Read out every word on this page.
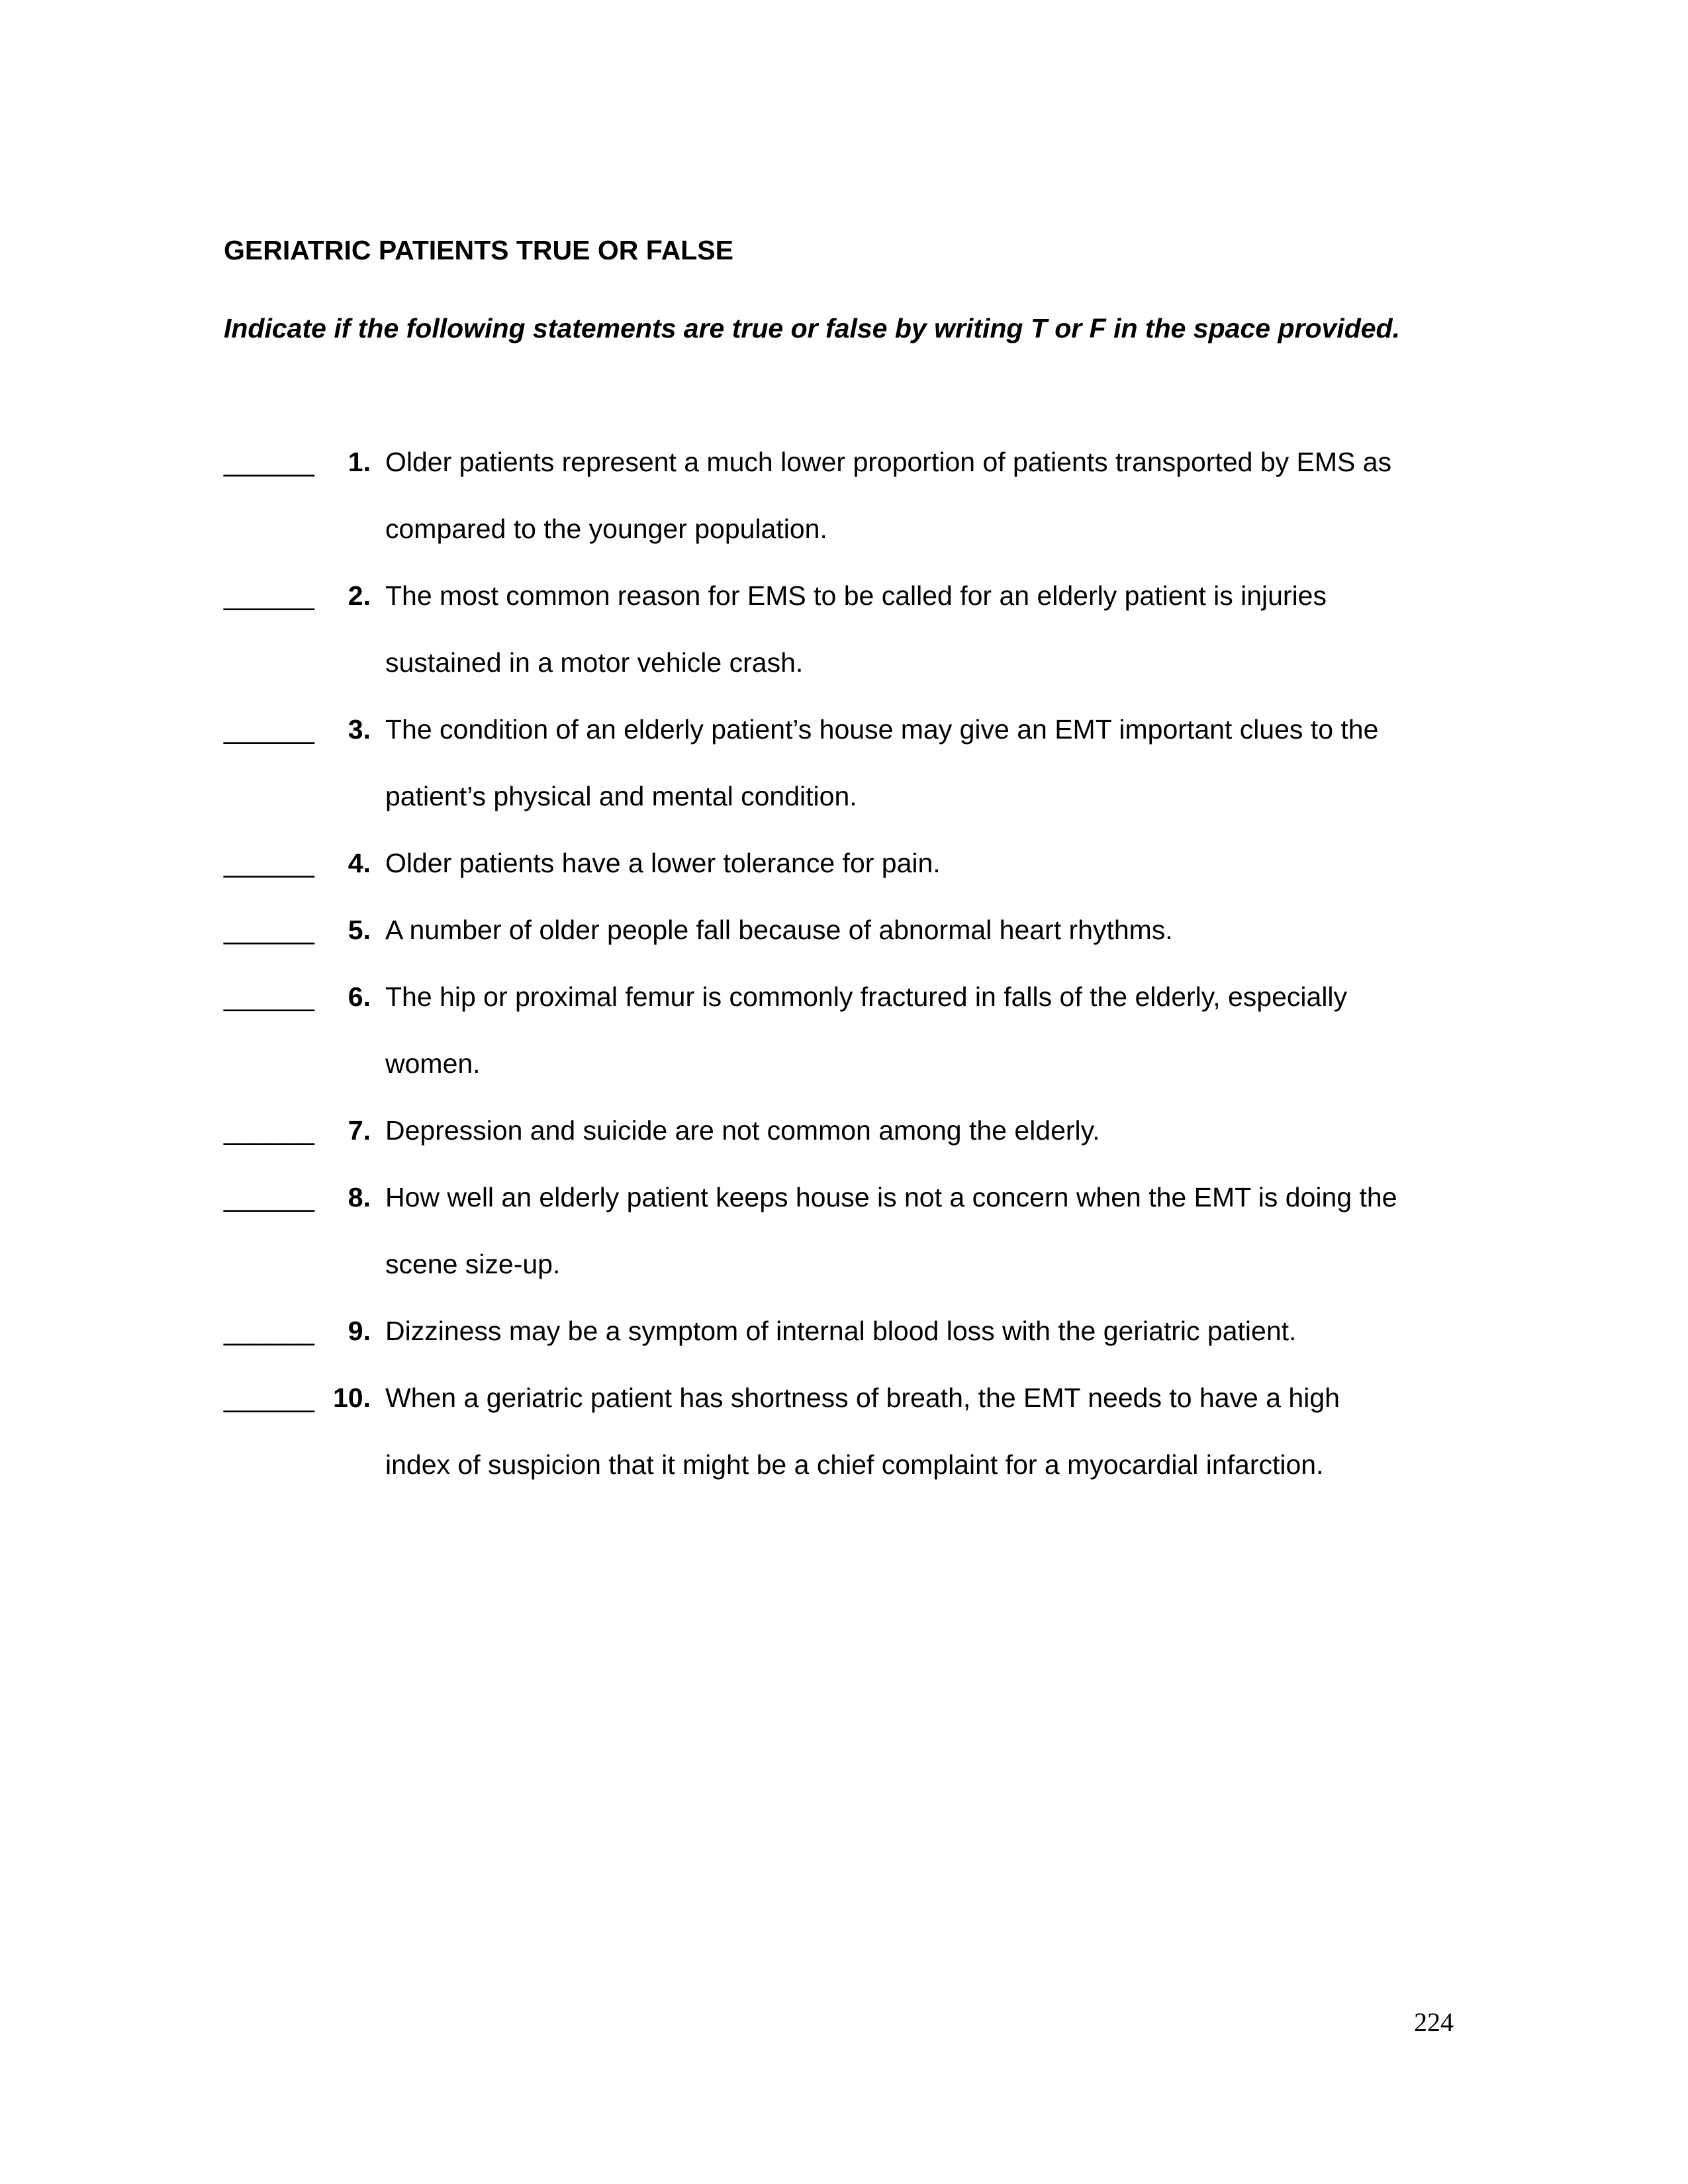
GERIATRIC PATIENTS TRUE OR FALSE
Indicate if the following statements are true or false by writing T or F in the space provided.
______	1. Older patients represent a much lower proportion of patients transported by EMS as compared to the younger population.
______	2. The most common reason for EMS to be called for an elderly patient is injuries sustained in a motor vehicle crash.
______	3. The condition of an elderly patient’s house may give an EMT important clues to the patient’s physical and mental condition.
______	4. Older patients have a lower tolerance for pain.
______	5. A number of older people fall because of abnormal heart rhythms.
______	6. The hip or proximal femur is commonly fractured in falls of the elderly, especially women.
______	7. Depression and suicide are not common among the elderly.
______	8. How well an elderly patient keeps house is not a concern when the EMT is doing the scene size-up.
______	9. Dizziness may be a symptom of internal blood loss with the geriatric patient.
______ 10. When a geriatric patient has shortness of breath, the EMT needs to have a high index of suspicion that it might be a chief complaint for a myocardial infarction.
224
